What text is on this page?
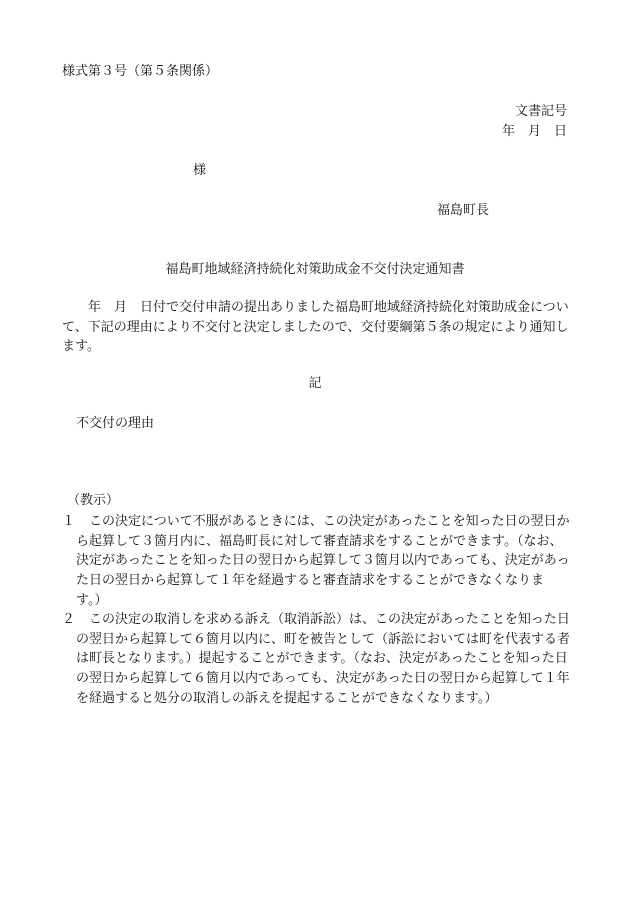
様式第３号（第５条関係）
文書記号
年　月　日
様
福島町長
福島町地域経済持続化対策助成金不交付決定通知書
　　年　月　日付で交付申請の提出ありました福島町地域経済持続化対策助成金につい
て、下記の理由により不交付と決定しましたので、交付要綱第５条の規定により通知し
ます。
記
不交付の理由
（教示）
１ 　この決定について不服があるときには、この決定があったことを知った日の翌日か
ら起算して３箇月内に、福島町長に対して審査請求をすることができます。（なお、
決定があったことを知った日の翌日から起算して３箇月以内であっても、決定があっ
た日の翌日から起算して１年を経過すると審査請求をすることができなくなりま
す。）
２ 　この決定の取消しを求める訴え（取消訴訟）は、この決定があったことを知った日
の翌日から起算して６箇月以内に、町を被告として（訴訟においては町を代表する者
は町長となります。）提起することができます。（なお、決定があったことを知った日
の翌日から起算して６箇月以内であっても、決定があった日の翌日から起算して１年
を経過すると処分の取消しの訴えを提起することができなくなります。）
